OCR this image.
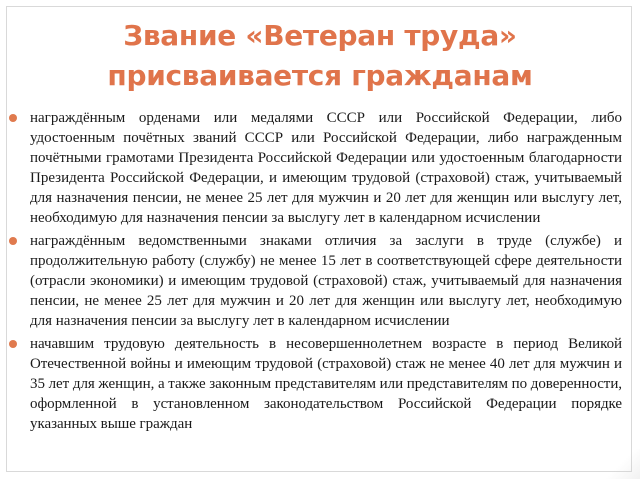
Звание «Ветеран труда»
присваивается гражданам
награждённым орденами или медалями СССР или Российской Федерации, либо удостоенным почётных званий СССР или Российской Федерации, либо награжденным почётными грамотами Президента Российской Федерации или удостоенным благодарности Президента Российской Федерации, и имеющим трудовой (страховой) стаж, учитываемый для назначения пенсии, не менее 25 лет для мужчин и 20 лет для женщин или выслугу лет, необходимую для назначения пенсии за выслугу лет в календарном исчислении
награждённым ведомственными знаками отличия за заслуги в труде (службе) и продолжительную работу (службу) не менее 15 лет в соответствующей сфере деятельности (отрасли экономики) и имеющим трудовой (страховой) стаж, учитываемый для назначения пенсии, не менее 25 лет для мужчин и 20 лет для женщин или выслугу лет, необходимую для назначения пенсии за выслугу лет в календарном исчислении
начавшим трудовую деятельность в несовершеннолетнем возрасте в период Великой Отечественной войны и имеющим трудовой (страховой) стаж не менее 40 лет для мужчин и 35 лет для женщин, а также законным представителям или представителям по доверенности, оформленной в установленном законодательством Российской Федерации порядке указанных выше граждан
